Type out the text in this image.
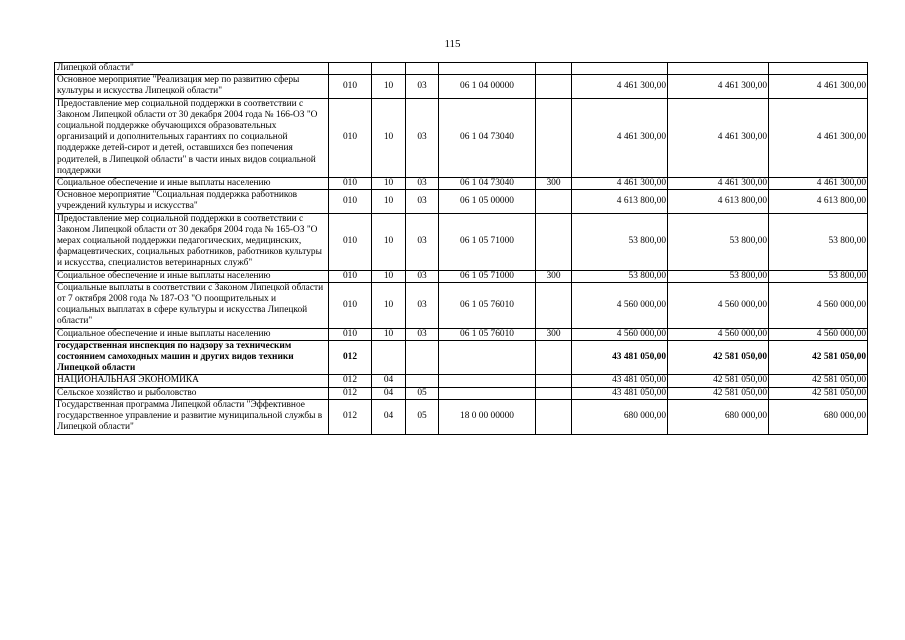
115
Липецкой области"								
Основное мероприятие "Реализация мер по развитию сферы культуры и искусства Липецкой области"	010	10	03	06 1 04 00000		4 461 300,00	4 461 300,00	4 461 300,00
Предоставление мер социальной поддержки в соответствии с Законом Липецкой области от 30 декабря 2004 года № 166-ОЗ "О социальной поддержке обучающихся образовательных организаций и дополнительных гарантиях по социальной поддержке детей-сирот и детей, оставшихся без попечения родителей, в Липецкой области" в части иных видов социальной поддержки	010	10	03	06 1 04 73040		4 461 300,00	4 461 300,00	4 461 300,00
Социальное обеспечение и иные выплаты населению	010	10	03	06 1 04 73040	300	4 461 300,00	4 461 300,00	4 461 300,00
Основное мероприятие "Социальная поддержка работников учреждений культуры и искусства"	010	10	03	06 1 05 00000		4 613 800,00	4 613 800,00	4 613 800,00
Предоставление мер социальной поддержки в соответствии с Законом Липецкой области от 30 декабря 2004 года № 165-ОЗ "О мерах социальной поддержки педагогических, медицинских, фармацевтических, социальных работников, работников культуры и искусства, специалистов ветеринарных служб"	010	10	03	06 1 05 71000		53 800,00	53 800,00	53 800,00
Социальное обеспечение и иные выплаты населению	010	10	03	06 1 05 71000	300	53 800,00	53 800,00	53 800,00
Социальные выплаты в соответствии с Законом Липецкой области от 7 октября 2008 года № 187-ОЗ "О поощрительных и социальных выплатах в сфере культуры и искусства Липецкой области"	010	10	03	06 1 05 76010		4 560 000,00	4 560 000,00	4 560 000,00
Социальное обеспечение и иные выплаты населению	010	10	03	06 1 05 76010	300	4 560 000,00	4 560 000,00	4 560 000,00
государственная инспекция по надзору за техническим состоянием самоходных машин и других видов техники Липецкой области	012					43 481 050,00	42 581 050,00	42 581 050,00
НАЦИОНАЛЬНАЯ ЭКОНОМИКА	012	04				43 481 050,00	42 581 050,00	42 581 050,00
Сельское хозяйство и рыболовство	012	04	05			43 481 050,00	42 581 050,00	42 581 050,00
Государственная программа Липецкой области "Эффективное государственное управление и развитие муниципальной службы в Липецкой области"	012	04	05	18 0 00 00000		680 000,00	680 000,00	680 000,00
